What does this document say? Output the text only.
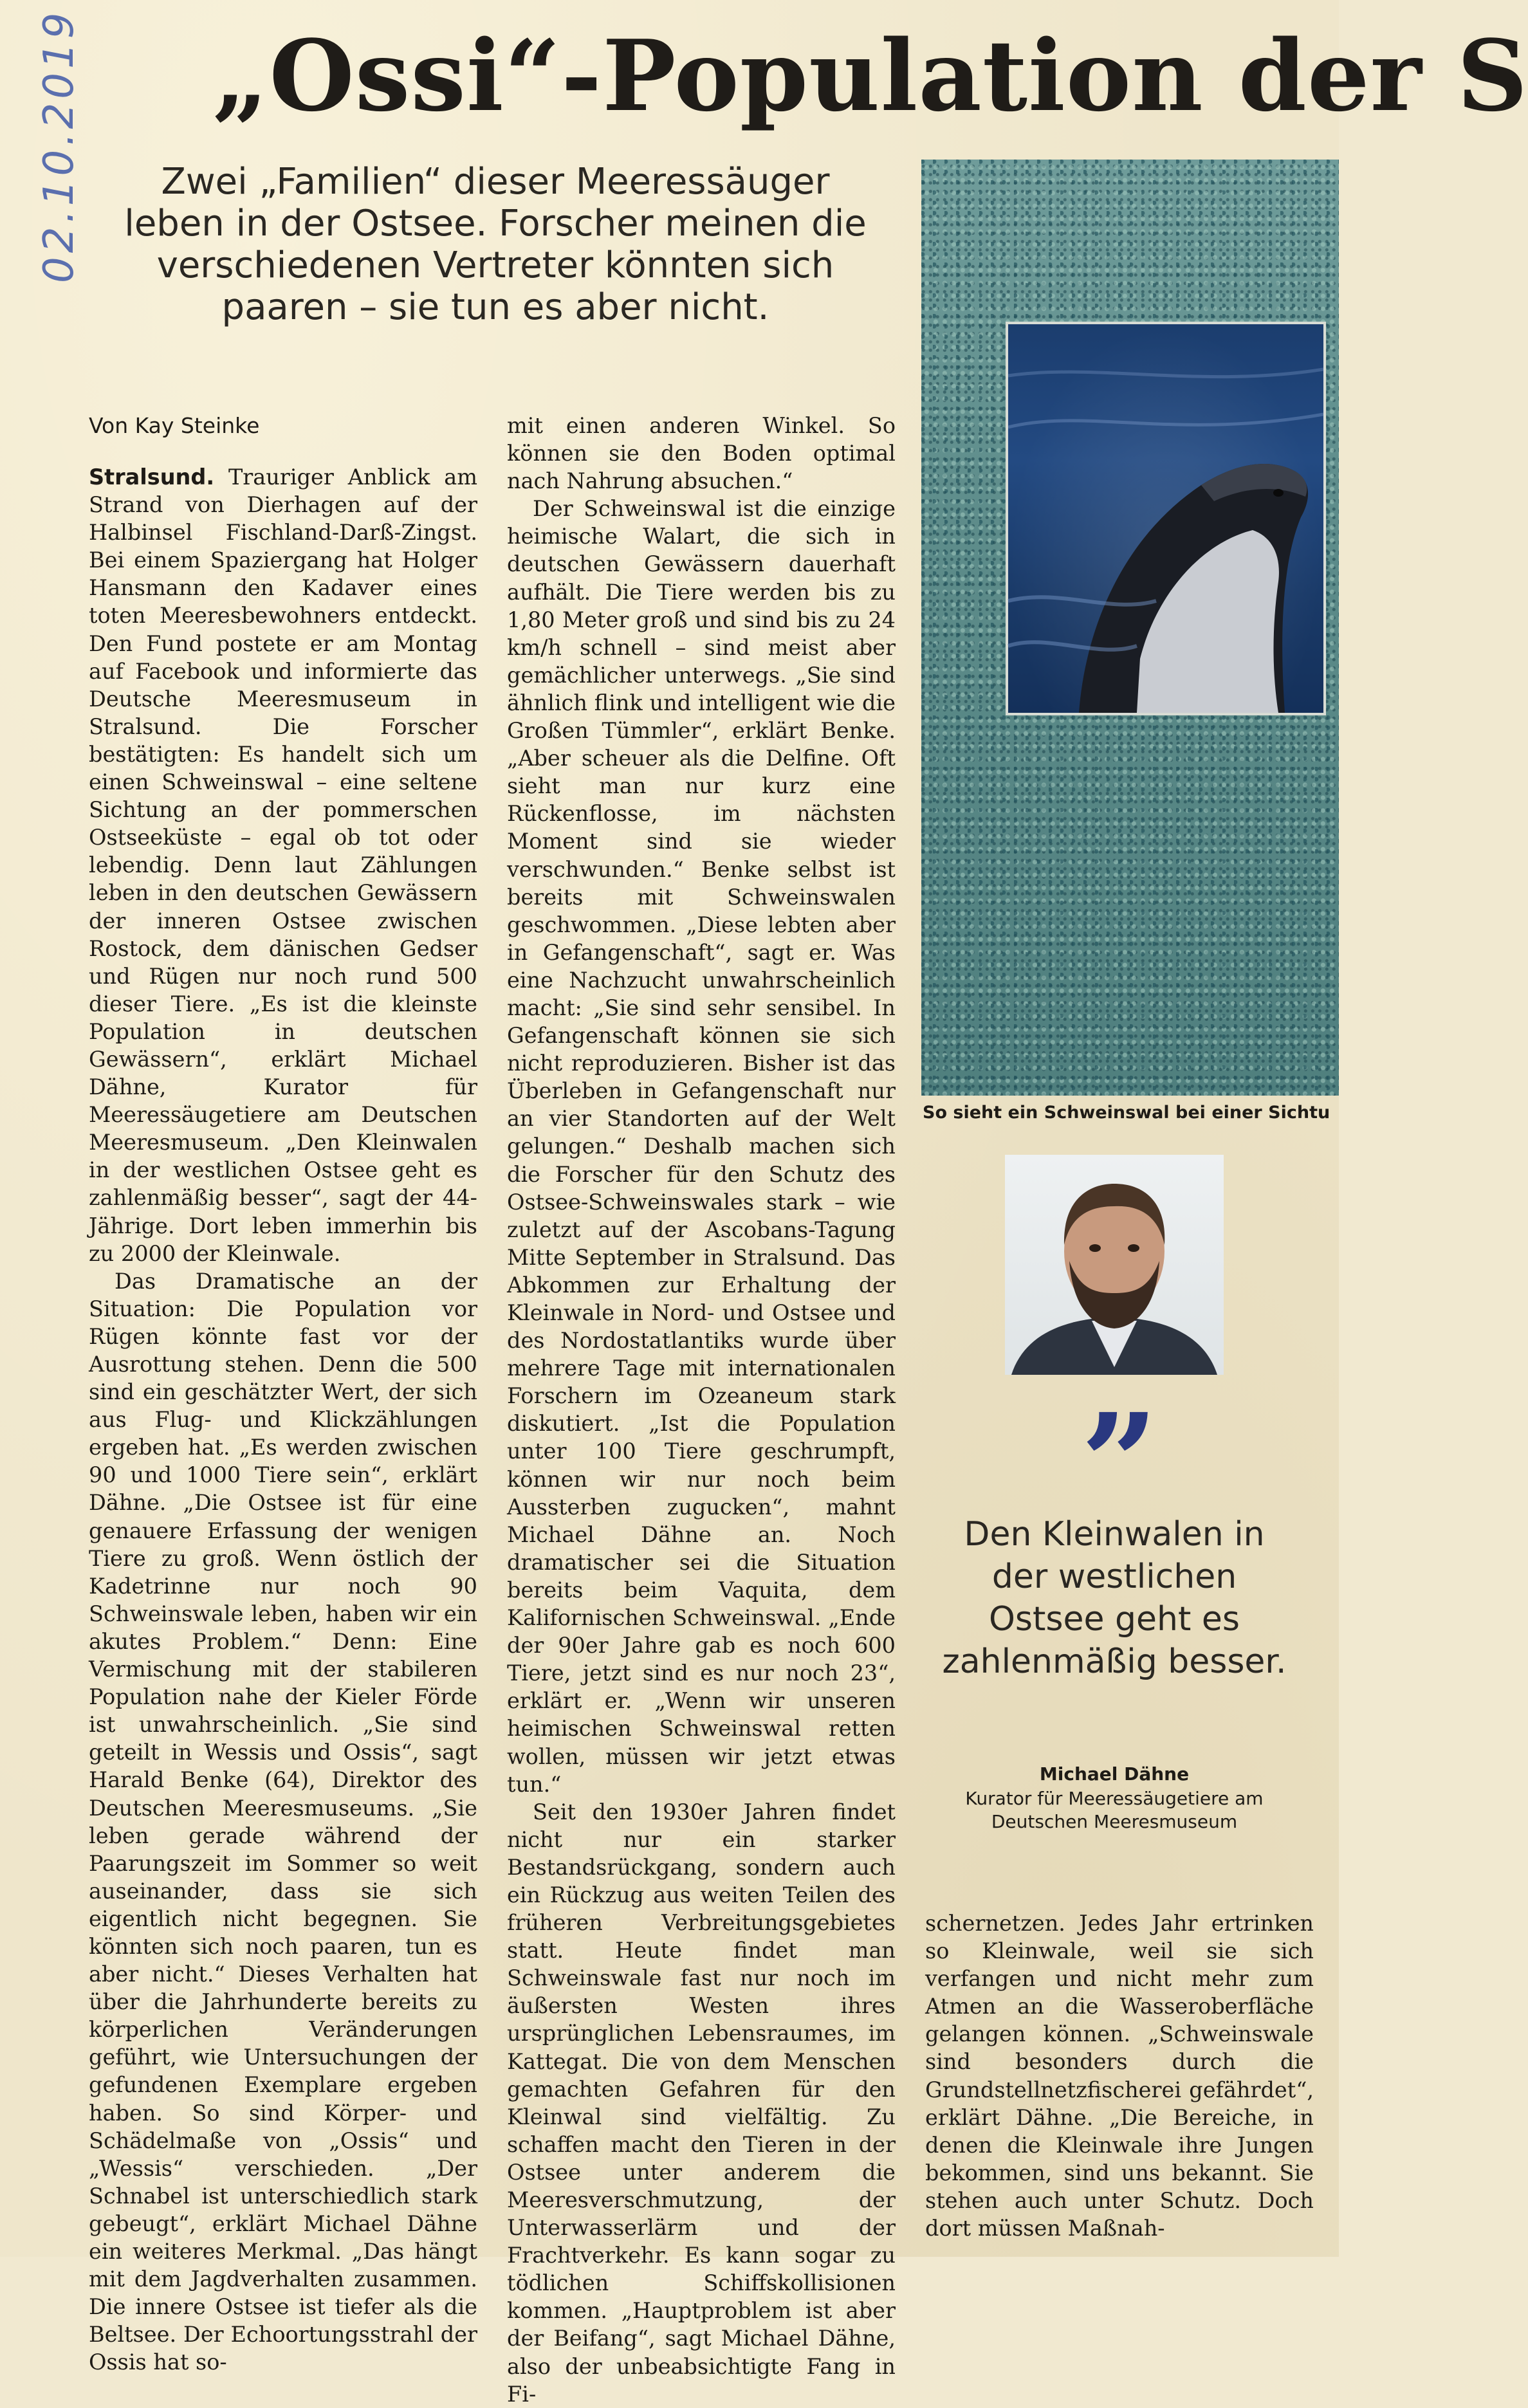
02.10.2019 „Ossi“-Population der S
Zwei „Familien“ dieser Meeressäuger leben in der Ostsee. Forscher meinen die verschiedenen Vertreter könnten sich paaren – sie tun es aber nicht.
Von Kay Steinke

Stralsund. Trauriger Anblick am Strand von Dierhagen auf der Halbinsel Fischland-Darß-Zingst. Bei einem Spaziergang hat Holger Hansmann den Kadaver eines toten Meeresbewohners entdeckt. Den Fund postete er am Montag auf Facebook und informierte das Deutsche Meeresmuseum in Stralsund. Die Forscher bestätigten: Es handelt sich um einen Schweinswal – eine seltene Sichtung an der pommerschen Ostseeküste – egal ob tot oder lebendig. Denn laut Zählungen leben in den deutschen Gewässern der inneren Ostsee zwischen Rostock, dem dänischen Gedser und Rügen nur noch rund 500 dieser Tiere. „Es ist die kleinste Population in deutschen Gewässern“, erklärt Michael Dähne, Kurator für Meeressäugetiere am Deutschen Meeresmuseum. „Den Kleinwalen in der westlichen Ostsee geht es zahlenmäßig besser“, sagt der 44-Jährige. Dort leben immerhin bis zu 2000 der Kleinwale.

Das Dramatische an der Situation: Die Population vor Rügen könnte fast vor der Ausrottung stehen. Denn die 500 sind ein geschätzter Wert, der sich aus Flug- und Klickzählungen ergeben hat. „Es werden zwischen 90 und 1000 Tiere sein“, erklärt Dähne. „Die Ostsee ist für eine genauere Erfassung der wenigen Tiere zu groß. Wenn östlich der Kadetrinne nur noch 90 Schweinswale leben, haben wir ein akutes Problem.“ Denn: Eine Vermischung mit der stabileren Population nahe der Kieler Förde ist unwahrscheinlich. „Sie sind geteilt in Wessis und Ossis“, sagt Harald Benke (64), Direktor des Deutschen Meeresmuseums. „Sie leben gerade während der Paarungszeit im Sommer so weit auseinander, dass sie sich eigentlich nicht begegnen. Sie könnten sich noch paaren, tun es aber nicht.“ Dieses Verhalten hat über die Jahrhunderte bereits zu körperlichen Veränderungen geführt, wie Untersuchungen der gefundenen Exemplare ergeben haben. So sind Körper- und Schädelmaße von „Ossis“ und „Wessis“ verschieden. „Der Schnabel ist unterschiedlich stark gebeugt“, erklärt Michael Dähne ein weiteres Merkmal. „Das hängt mit dem Jagdverhalten zusammen. Die innere Ostsee ist tiefer als die Beltsee. Der Echoortungsstrahl der Ossis hat so-

mit einen anderen Winkel. So können sie den Boden optimal nach Nahrung absuchen.“

Der Schweinswal ist die einzige heimische Walart, die sich in deutschen Gewässern dauerhaft aufhält. Die Tiere werden bis zu 1,80 Meter groß und sind bis zu 24 km/h schnell – sind meist aber gemächlicher unterwegs. „Sie sind ähnlich flink und intelligent wie die Großen Tümmler“, erklärt Benke. „Aber scheuer als die Delfine. Oft sieht man nur kurz eine Rückenflosse, im nächsten Moment sind sie wieder verschwunden.“ Benke selbst ist bereits mit Schweinswalen geschwommen. „Diese lebten aber in Gefangenschaft“, sagt er. Was eine Nachzucht unwahrscheinlich macht: „Sie sind sehr sensibel. In Gefangenschaft können sie sich nicht reproduzieren. Bisher ist das Überleben in Gefangenschaft nur an vier Standorten auf der Welt gelungen.“ Deshalb machen sich die Forscher für den Schutz des Ostsee-Schweinswales stark – wie zuletzt auf der Ascobans-Tagung Mitte September in Stralsund. Das Abkommen zur Erhaltung der Kleinwale in Nord- und Ostsee und des Nordostatlantiks wurde über mehrere Tage mit internationalen Forschern im Ozeaneum stark diskutiert. „Ist die Population unter 100 Tiere geschrumpft, können wir nur noch beim Aussterben zugucken“, mahnt Michael Dähne an. Noch dramatischer sei die Situation bereits beim Vaquita, dem Kalifornischen Schweinswal. „Ende der 90er Jahre gab es noch 600 Tiere, jetzt sind es nur noch 23“, erklärt er. „Wenn wir unseren heimischen Schweinswal retten wollen, müssen wir jetzt etwas tun.“

Seit den 1930er Jahren findet nicht nur ein starker Bestandsrückgang, sondern auch ein Rückzug aus weiten Teilen des früheren Verbreitungsgebietes statt. Heute findet man Schweinswale fast nur noch im äußersten Westen ihres ursprünglichen Lebensraumes, im Kattegat. Die von dem Menschen gemachten Gefahren für den Kleinwal sind vielfältig. Zu schaffen macht den Tieren in der Ostsee unter anderem die Meeresverschmutzung, der Unterwasserlärm und der Frachtverkehr. Es kann sogar zu tödlichen Schiffskollisionen kommen. „Hauptproblem ist aber der Beifang“, sagt Michael Dähne, also der unbeabsichtigte Fang in Fi-

So sieht ein Schweinswal bei einer Sichtu
”
Den Kleinwalen in der westlichen Ostsee geht es zahlenmäßig besser.
Michael Dähne
Kurator für Meeressäugetiere am Deutschen Meeresmuseum

schernetzen. Jedes Jahr ertrinken so Kleinwale, weil sie sich verfangen und nicht mehr zum Atmen an die Wasseroberfläche gelangen können. „Schweinswale sind besonders durch die Grundstellnetzfischerei gefährdet“, erklärt Dähne. „Die Bereiche, in denen die Kleinwale ihre Jungen bekommen, sind uns bekannt. Sie stehen auch unter Schutz. Doch dort müssen Maßnah-
